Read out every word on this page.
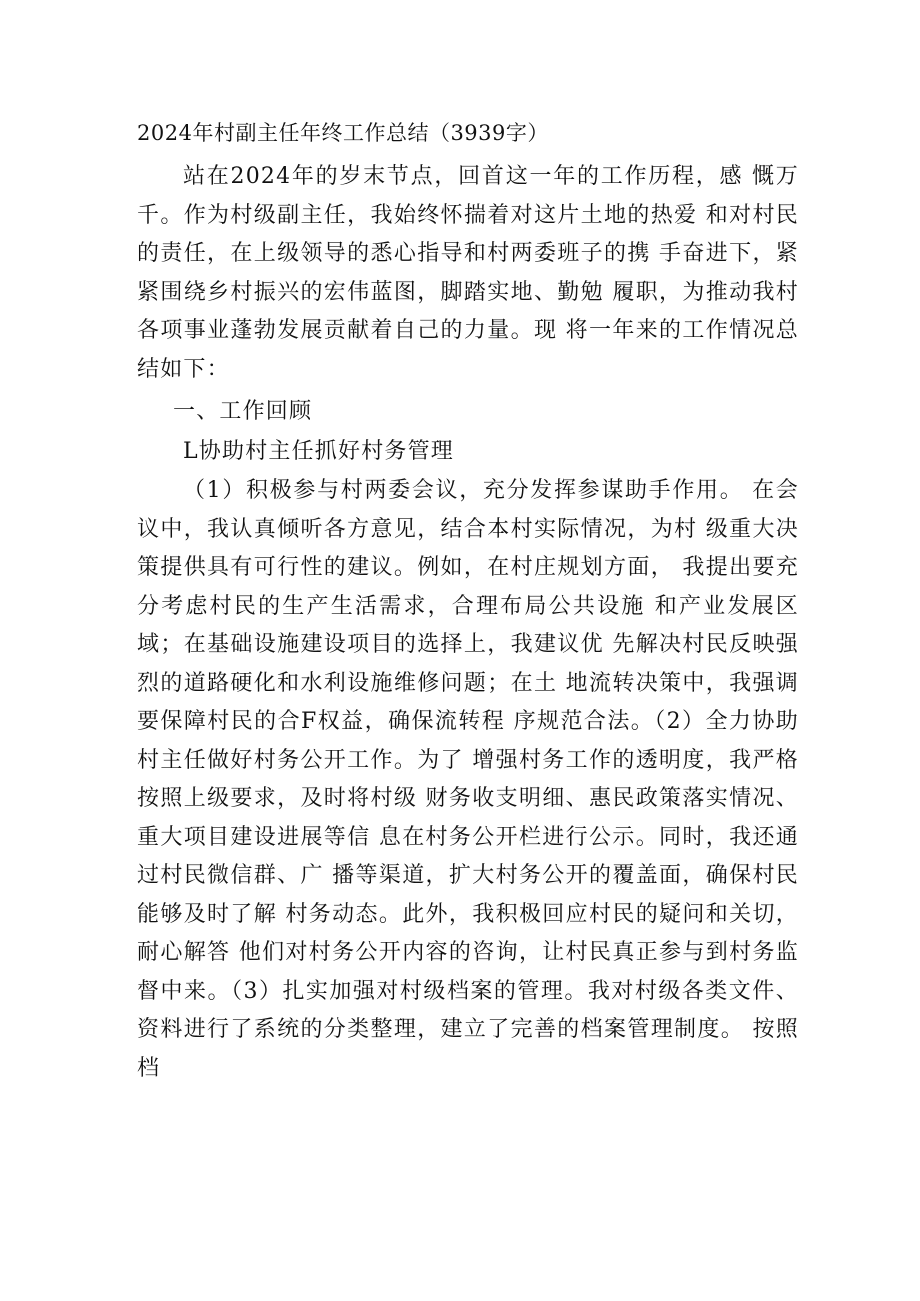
2024年村副主任年终工作总结（3939字）

站在2024年的岁末节点，回首这一年的工作历程，感 慨万千。作为村级副主任，我始终怀揣着对这片土地的热爱 和对村民的责任，在上级领导的悉心指导和村两委班子的携 手奋进下，紧紧围绕乡村振兴的宏伟蓝图，脚踏实地、勤勉 履职，为推动我村各项事业蓬勃发展贡献着自己的力量。现 将一年来的工作情况总结如下：

一、工作回顾

L协助村主任抓好村务管理

（1）积极参与村两委会议，充分发挥参谋助手作用。 在会议中，我认真倾听各方意见，结合本村实际情况，为村 级重大决策提供具有可行性的建议。例如，在村庄规划方面， 我提出要充分考虑村民的生产生活需求，合理布局公共设施 和产业发展区域；在基础设施建设项目的选择上，我建议优 先解决村民反映强烈的道路硬化和水利设施维修问题；在土 地流转决策中，我强调要保障村民的合F权益，确保流转程 序规范合法。（2）全力协助村主任做好村务公开工作。为了 增强村务工作的透明度，我严格按照上级要求，及时将村级 财务收支明细、惠民政策落实情况、重大项目建设进展等信 息在村务公开栏进行公示。同时，我还通过村民微信群、广 播等渠道，扩大村务公开的覆盖面，确保村民能够及时了解 村务动态。此外，我积极回应村民的疑问和关切，耐心解答 他们对村务公开内容的咨询，让村民真正参与到村务监督中来。（3）扎实加强对村级档案的管理。我对村级各类文件、 资料进行了系统的分类整理，建立了完善的档案管理制度。 按照档
